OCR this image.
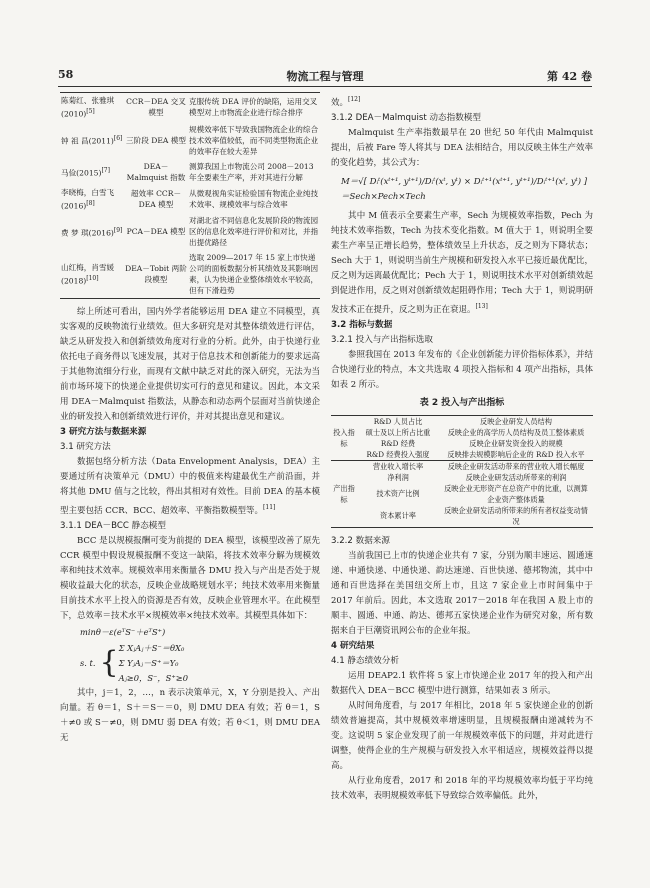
58	物流工程与管理	第 42 卷
陈菊红、张雅琪(2010)[5]	CCR－DEA 交叉模型	克服传统 DEA 评价的缺陷，运用交叉模型对上市物流企业进行综合排序
钟 祖 昌(2011)[6]	三阶段 DEA 模型	规模效率低下导致我国物流企业的综合技术效率值较低，而不同类型物流企业的效率存在较大差异
马俭(2015)[7]	DEA－Malmquist 指数	测算我国上市物流公司 2008－2013 年全要素生产率，并对其进行分解
李晓梅，白雪飞(2016)[8]	超效率 CCR－DEA 模型	从微观视角实证检验国有物流企业纯技术效率、规模效率与综合效率
费 梦 琪(2016)[9]	PCA－DEA 模型	对湖北省不同信息化发展阶段的物流园区的信息化效率进行评价和对比，并指出提优路径
山红梅，肖雪媛(2018)[10]	DEA－Tobit 两阶段模型	选取 2009—2017 年 15 家上市快递公司的面板数据分析其绩效及其影响因素，认为快递企业整体绩效水平较高，但有下滑趋势

综上所述可看出，国内外学者能够运用 DEA 建立不同模型，真实客观的反映物流行业绩效。但大多研究是对其整体绩效进行评估，缺乏从研发投入和创新绩效角度对行业的分析。此外，由于快递行业依托电子商务得以飞速发展，其对于信息技术和创新能力的要求远高于其他物流细分行业，而现有文献中缺乏对此的深入研究，无法为当前市场环境下的快递企业提供切实可行的意见和建议。因此，本文采用 DEA－Malmquist 指数法，从静态和动态两个层面对当前快递企业的研发投入和创新绩效进行评价，并对其提出意见和建议。

3 研究方法与数据来源

3.1 研究方法

数据包络分析方法（Data Envelopment Analysis，DEA）主要通过所有决策单元（DMU）中的极值来构建最优生产前沿面，并将其他 DMU 值与之比较，得出其相对有效性。目前 DEA 的基本模型主要包括 CCR、BCC、超效率、平衡指数模型等。[11]

3.1.1 DEA－BCC 静态模型

BCC 是以规模报酬可变为前提的 DEA 模型，该模型改善了原先 CCR 模型中假设规模报酬不变这一缺陷，将技术效率分解为规模效率和纯技术效率。规模效率用来衡量各 DMU 投入与产出是否处于规模收益最大化的状态，反映企业战略规划水平；纯技术效率用来衡量目前技术水平上投入的资源是否有效，反映企业管理水平。在此模型下，总效率＝技术水平×规模效率×纯技术效率。其模型具体如下：

minθ－ε(eᵀS⁻＋eᵀS⁺)
s. t. { Σ XⱼAⱼ＋S⁻＝θX₀
Σ YⱼAⱼ－S⁺＝Y₀
Aⱼ≥0，S⁻，S⁺≥0

其中，j＝1，2，…，n 表示决策单元，X，Y 分别是投入、产出向量。若 θ＝1，S＋＝S－＝0，则 DMU DEA 有效；若 θ＝1，S＋≠0 或 S－≠0，则 DMU 弱 DEA 有效；若 θ＜1，则 DMU DEA 无

效。[12]

3.1.2 DEA－Malmquist 动态指数模型

Malmquist 生产率指数最早在 20 世纪 50 年代由 Malmquist 提出，后被 Fare 等人将其与 DEA 法相结合，用以反映主体生产效率的变化趋势，其公式为：

M＝√[ Dᵢᵗ(xᵗ⁺¹, yᵗ⁺¹)/Dᵢᵗ(xᵗ, yᵗ) × Dᵢᵗ⁺¹(xᵗ⁺¹, yᵗ⁺¹)/Dᵢᵗ⁺¹(xᵗ, yᵗ) ]＝Sech×Pech×Tech

其中 M 值表示全要素生产率，Sech 为规模效率指数，Pech 为纯技术效率指数，Tech 为技术变化指数。M 值大于 1，则说明全要素生产率呈正增长趋势，整体绩效呈上升状态，反之则为下降状态；Sech 大于 1，则说明当前生产规模和研发投入水平已接近最优配比，反之则为远离最优配比；Pech 大于 1，则说明技术水平对创新绩效起到促进作用，反之则对创新绩效起阻碍作用；Tech 大于 1，则说明研发技术正在提升，反之则为正在衰退。[13]

3.2 指标与数据

3.2.1 投入与产出指标选取

参照我国在 2013 年发布的《企业创新能力评价指标体系》，并结合快递行业的特点，本文共选取 4 项投入指标和 4 项产出指标，具体如表 2 所示。

表 2 投入与产出指标
投入指标	R&D 人员占比	反映企业研发人员结构
	硕士及以上所占比重	反映企业的高学历人员结构及员工整体素质
	R&D 经费	反映企业研发资金投入的规模
	R&D 经费投入强度	反映排去规模影响后企业的 R&D 投入水平
产出指标	营业收入增长率	反映企业研发活动带来的营业收入增长幅度
	净利润	反映企业研发活动所带来的利润
	技术资产比例	反映企业无形资产在总资产中的比重，以测算企业资产整体质量
	资本累计率	反映企业研发活动所带来的所有者权益变动情况

3.2.2 数据来源

当前我国已上市的快递企业共有 7 家，分别为顺丰速运、圆通速递、申通快递、中通快递、韵达速递、百世快递、德邦物流，其中中通和百世选择在美国纽交所上市，且这 7 家企业上市时间集中于 2017 年前后。因此，本文选取 2017－2018 年在我国 A 股上市的顺丰、圆通、申通、韵达、德邦五家快递企业作为研究对象，所有数据来自于巨潮资讯网公布的企业年报。

4 研究结果

4.1 静态绩效分析

运用 DEAP2.1 软件将 5 家上市快递企业 2017 年的投入和产出数据代入 DEA－BCC 模型中进行测算，结果如表 3 所示。

从时间角度看，与 2017 年相比，2018 年 5 家快递企业的创新绩效普遍提高，其中规模效率增速明显，且规模报酬由递减转为不变。这说明 5 家企业发现了前一年规模效率低下的问题，并对此进行调整，使得企业的生产规模与研发投入水平相适应，规模效益得以提高。

从行业角度看，2017 和 2018 年的平均规模效率均低于平均纯技术效率，表明规模效率低下导致综合效率偏低。此外，
